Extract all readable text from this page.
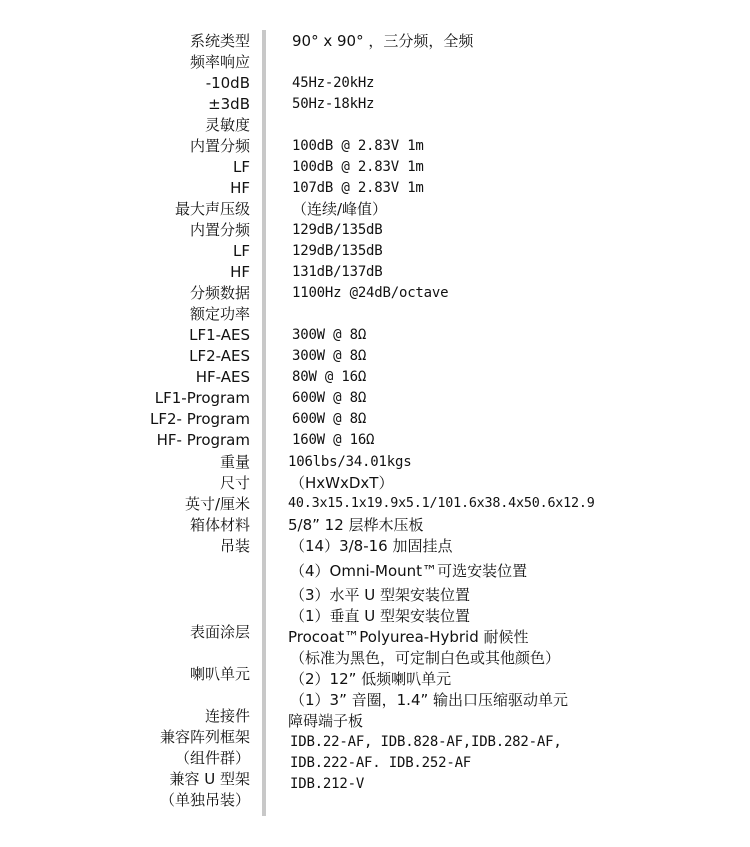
系统类型
频率响应
-10dB
±3dB
灵敏度
内置分频
LF
HF
最大声压级
内置分频
LF
HF
分频数据
额定功率
LF1-AES
LF2-AES
HF-AES
LF1-Program
LF2- Program
HF- Program
重量
尺寸
英寸/厘米
箱体材料
吊装
表面涂层
喇叭单元
连接件
兼容阵列框架
（组件群）
兼容 U 型架
（单独吊装）
90° x 90° ，三分频，全频
45Hz-20kHz
50Hz-18kHz
100dB @ 2.83V 1m
100dB @ 2.83V 1m
107dB @ 2.83V 1m
（连续/峰值）
129dB/135dB
129dB/135dB
131dB/137dB
1100Hz @24dB/octave
300W @ 8Ω
300W @ 8Ω
80W @ 16Ω
600W @ 8Ω
600W @ 8Ω
160W @ 16Ω
106lbs/34.01kgs
（HxWxDxT）
40.3x15.1x19.9x5.1/101.6x38.4x50.6x12.9
5/8” 12 层桦木压板
（14）3/8-16 加固挂点
（4）Omni-Mount™可选安装位置
（3）水平 U 型架安装位置
（1）垂直 U 型架安装位置
Procoat™Polyurea-Hybrid 耐候性
（标准为黑色，可定制白色或其他颜色）
（2）12” 低频喇叭单元
（1）3” 音圈，1.4” 输出口压缩驱动单元
障碍端子板
IDB.22-AF, IDB.828-AF,IDB.282-AF,
IDB.222-AF. IDB.252-AF
IDB.212-V
